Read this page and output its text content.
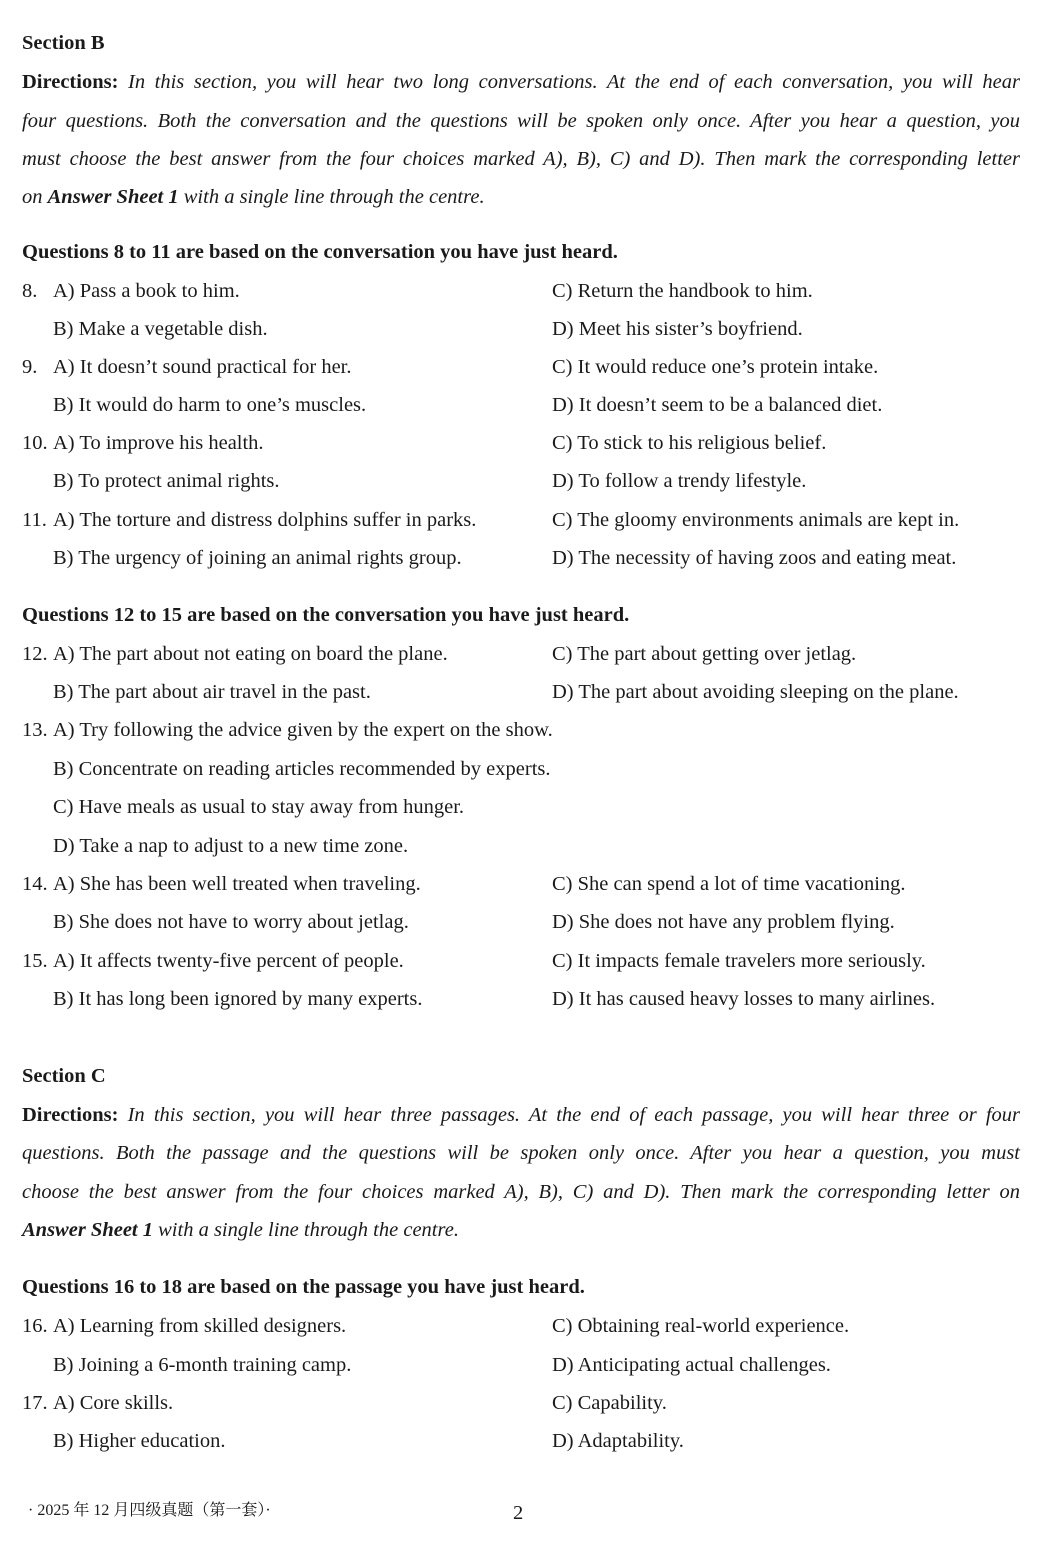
Section B
Directions: In this section, you will hear two long conversations. At the end of each conversation, you will hear
four questions. Both the conversation and the questions will be spoken only once. After you hear a question, you
must choose the best answer from the four choices marked A), B), C) and D). Then mark the corresponding letter
on Answer Sheet 1 with a single line through the centre.
Questions 8 to 11 are based on the conversation you have just heard.
8. A) Pass a book to him.	C) Return the handbook to him.
B) Make a vegetable dish.	D) Meet his sister’s boyfriend.
9. A) It doesn’t sound practical for her.	C) It would reduce one’s protein intake.
B) It would do harm to one’s muscles.	D) It doesn’t seem to be a balanced diet.
10. A) To improve his health.	C) To stick to his religious belief.
B) To protect animal rights.	D) To follow a trendy lifestyle.
11. A) The torture and distress dolphins suffer in parks.	C) The gloomy environments animals are kept in.
B) The urgency of joining an animal rights group.	D) The necessity of having zoos and eating meat.
Questions 12 to 15 are based on the conversation you have just heard.
12. A) The part about not eating on board the plane.	C) The part about getting over jetlag.
B) The part about air travel in the past.	D) The part about avoiding sleeping on the plane.
13. A) Try following the advice given by the expert on the show.
B) Concentrate on reading articles recommended by experts.
C) Have meals as usual to stay away from hunger.
D) Take a nap to adjust to a new time zone.
14. A) She has been well treated when traveling.	C) She can spend a lot of time vacationing.
B) She does not have to worry about jetlag.	D) She does not have any problem flying.
15. A) It affects twenty-five percent of people.	C) It impacts female travelers more seriously.
B) It has long been ignored by many experts.	D) It has caused heavy losses to many airlines.
Section C
Directions: In this section, you will hear three passages. At the end of each passage, you will hear three or four
questions. Both the passage and the questions will be spoken only once. After you hear a question, you must
choose the best answer from the four choices marked A), B), C) and D). Then mark the corresponding letter on
Answer Sheet 1 with a single line through the centre.
Questions 16 to 18 are based on the passage you have just heard.
16. A) Learning from skilled designers.	C) Obtaining real-world experience.
B) Joining a 6-month training camp.	D) Anticipating actual challenges.
17. A) Core skills.	C) Capability.
B) Higher education.	D) Adaptability.
· 2025 年 12 月四级真题（第一套）·	2
